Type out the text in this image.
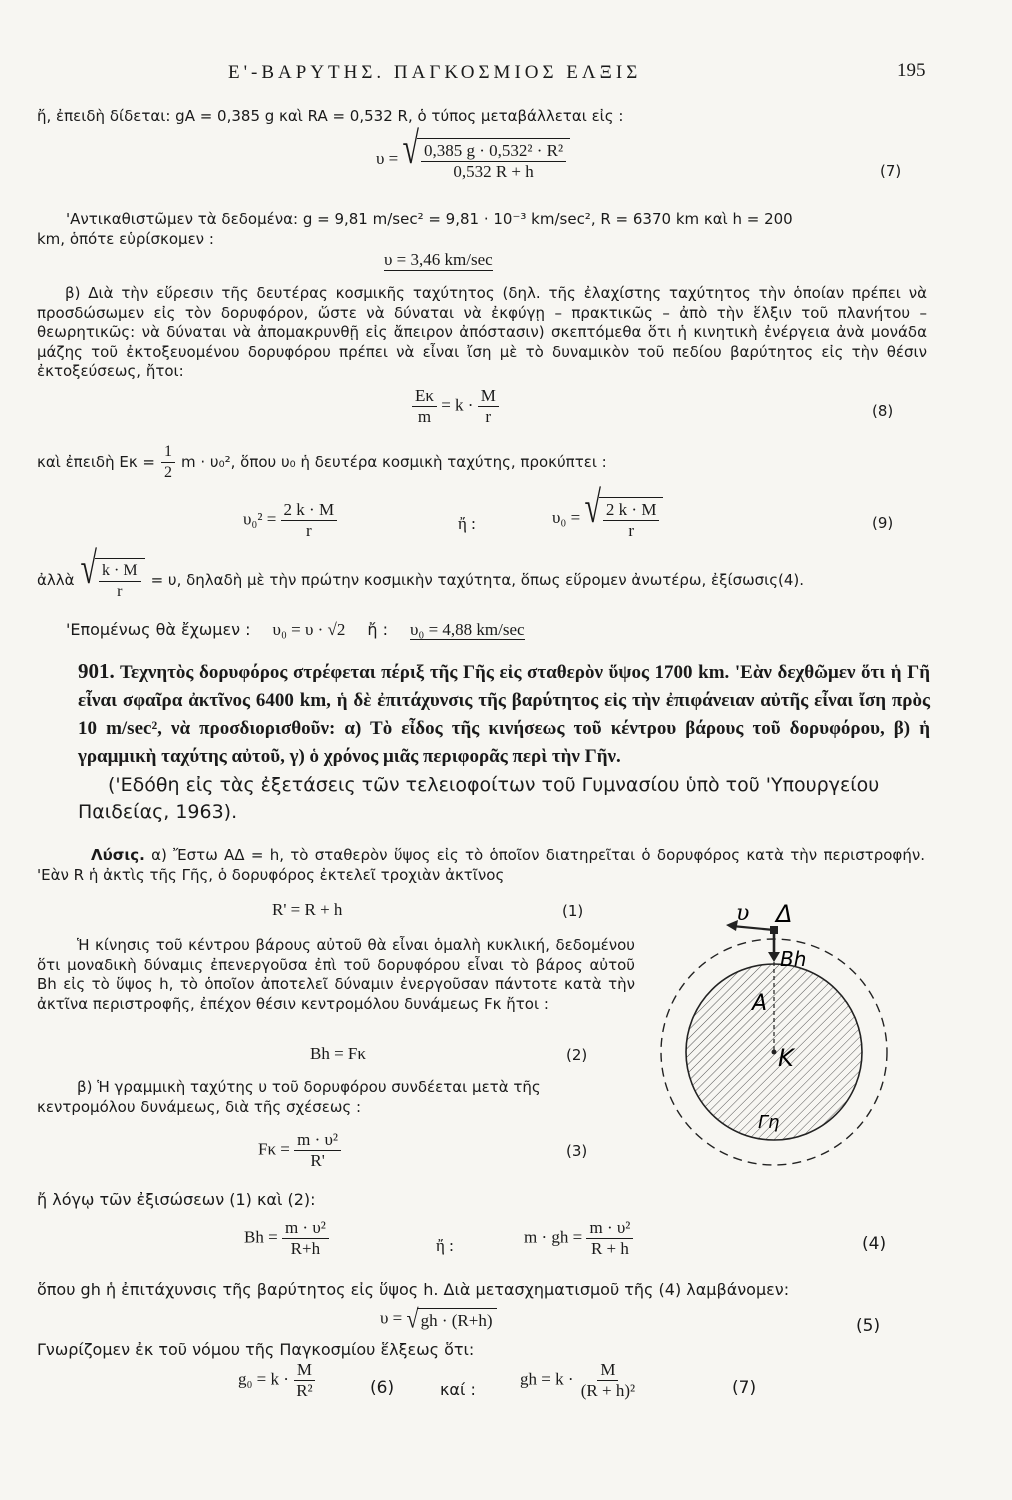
Ε'-ΒΑΡΥΤΗΣ. ΠΑΓΚΟΣΜΙΟΣ ΕΛΞΙΣ	195
ἤ, ἐπειδὴ δίδεται: gA = 0,385 g καὶ RA = 0,532 R, ὁ τύπος μεταβάλλεται εἰς :
υ = √ $\frac{\text{0,385 g · 0,532² · R²}}{0,532 R + h}$	(7)
'Αντικαθιστῶμεν τὰ δεδομένα: g = 9,81 m/sec² = 9,81 · 10⁻³ km/sec², R = 6370 km καὶ h = 200
km, ὁπότε εὑρίσκομεν :
υ = 3,46 km/sec
β) Διὰ τὴν εὕρεσιν τῆς δευτέρας κοσμικῆς ταχύτητος (δηλ. τῆς ἐλαχίστης ταχύτητος τὴν ὁποίαν πρέπει νὰ προσδώσωμεν εἰς τὸν δορυφόρον, ὥστε νὰ δύναται νὰ ἐκφύγῃ – πρακτικῶς – ἀπὸ τὴν ἕλξιν τοῦ πλανήτου – θεωρητικῶς: νὰ δύναται νὰ ἀπομακρυνθῇ εἰς ἄπειρον ἀπόστασιν) σκεπτόμεθα ὅτι ἡ κινητικὴ ἐνέργεια ἀνὰ μονάδα μάζης τοῦ ἐκτοξευομένου δορυφόρου πρέπει νὰ εἶναι ἴση μὲ τὸ δυναμικὸν τοῦ πεδίου βαρύτητος εἰς τὴν θέσιν ἐκτοξεύσεως, ἤτοι:
$\frac{E\kappa}{m} = k \cdot \frac{M}{r}$	(8)
καὶ ἐπειδὴ $E\kappa = \frac{1}{2}$ m · υ₀², ὅπου υ₀ ἡ δευτέρα κοσμικὴ ταχύτης, προκύπτει :
$\upsilon_0^2 = \frac{2 k \cdot M}{r}$	ἤ :	υ₀ = √ $\frac{2 k \cdot M}{r}$	(9)
ἀλλὰ √ $\frac{k \cdot M}{r} = \upsilon$, δηλαδὴ μὲ τὴν πρώτην κοσμικὴν ταχύτητα, ὅπως εὕρομεν ἀνωτέρω, ἐξίσωσις(4).
'Επομένως θὰ ἔχωμεν : υ₀ = υ · √2 ἤ : υ₀ = 4,88 km/sec
901. Τεχνητὸς δορυφόρος στρέφεται πέριξ τῆς Γῆς εἰς σταθερὸν ὕψος 1700 km. 'Εὰν δεχθῶμεν ὅτι ἡ Γῆ εἶναι σφαῖρα ἀκτῖνος 6400 km, ἡ δὲ ἐπιτάχυνσις τῆς βαρύτητος εἰς τὴν ἐπιφάνειαν αὐτῆς εἶναι ἴση πρὸς 10 m/sec², νὰ προσδιορισθοῦν: α) Τὸ εἶδος τῆς κινήσεως τοῦ κέντρου βάρους τοῦ δορυφόρου, β) ἡ γραμμικὴ ταχύτης αὐτοῦ, γ) ὁ χρόνος μιᾶς περιφορᾶς περὶ τὴν Γῆν.
('Εδόθη εἰς τὰς ἐξετάσεις τῶν τελειοφοίτων τοῦ Γυμνασίου ὑπὸ τοῦ 'Υπουργείου Παιδείας, 1963).
Λύσις. α) Ἔστω ΑΔ = h, τὸ σταθερὸν ὕψος εἰς τὸ ὁποῖον διατηρεῖται ὁ δορυφόρος κατὰ τὴν περιστροφήν. 'Εὰν R ἡ ἀκτὶς τῆς Γῆς, ὁ δορυφόρος ἐκτελεῖ τροχιὰν ἀκτῖνος
R' = R + h	(1)
Ἡ κίνησις τοῦ κέντρου βάρους αὐτοῦ θὰ εἶναι ὁμαλὴ κυκλική, δεδομένου ὅτι μοναδικὴ δύναμις ἐπενεργοῦσα ἐπὶ τοῦ δορυφόρου εἶναι τὸ βάρος αὐτοῦ Bh εἰς τὸ ὕψος h, τὸ ὁποῖον ἀποτελεῖ δύναμιν ἐνεργοῦσαν πάντοτε κατὰ τὴν ἀκτῖνα περιστροφῆς, ἐπέχον θέσιν κεντρομόλου δυνάμεως Fκ ἤτοι :
Bh = Fκ	(2)
β) Ἡ γραμμικὴ ταχύτης υ τοῦ δορυφόρου συνδέεται μετὰ τῆς κεντρομόλου δυνάμεως, διὰ τῆς σχέσεως :
$F\kappa = \frac{\text{m · υ²}}{R'}$	(3)
ἤ λόγῳ τῶν ἐξισώσεων (1) καὶ (2):
$Bh = \frac{\text{m · υ²}}{R+h}$	ἤ :	m · gh = $\frac{\text{m · υ²}}{R + h}$	(4)
ὅπου gh ἡ ἐπιτάχυνσις τῆς βαρύτητος εἰς ὕψος h. Διὰ μετασχηματισμοῦ τῆς (4) λαμβάνομεν:
υ = √ gh · (R+h)	(5)
Γνωρίζομεν ἐκ τοῦ νόμου τῆς Παγκοσμίου ἕλξεως ὅτι:
$g_0 = k \cdot \frac{M}{\text{R²}}$	(6)	καί :
gh = $k \cdot \frac{M}{\text{(R + h)²}}$	(7)
υ Δ
Bh
A
K
Γη
